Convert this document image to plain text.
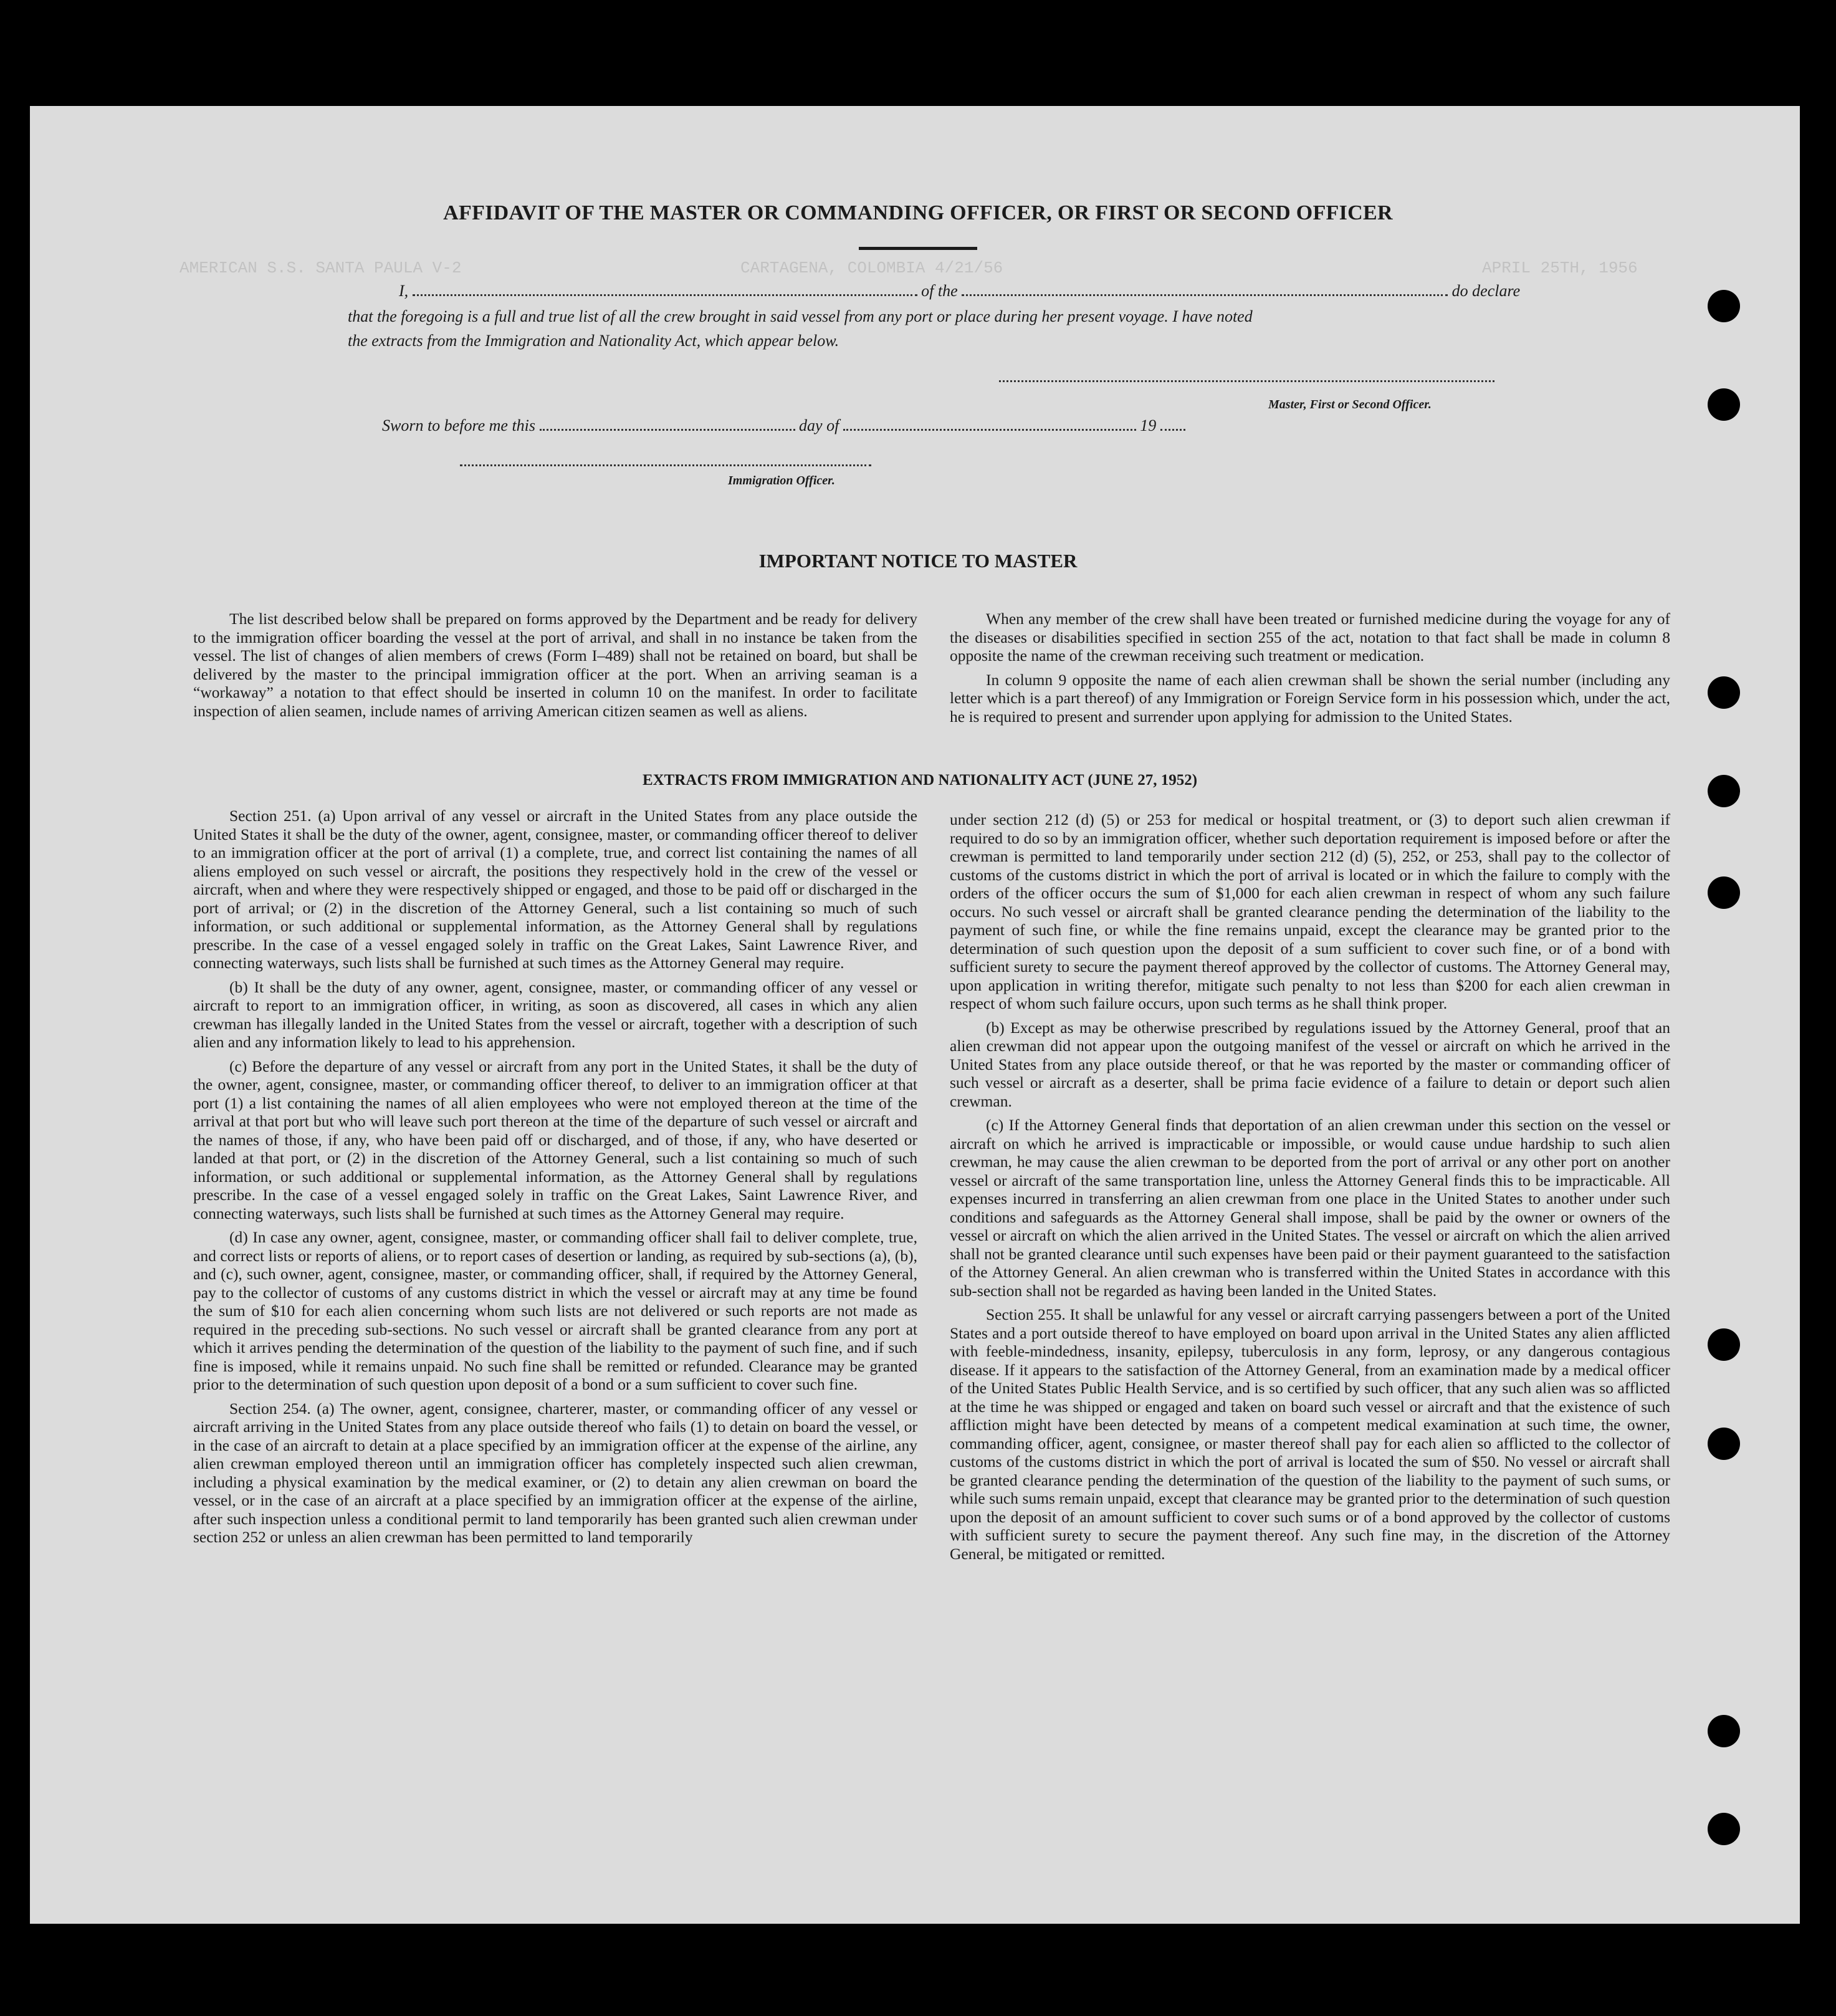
AMERICAN S.S. SANTA PAULA V-2	CARTAGENA, COLOMBIA 4/21/56	APRIL 25TH, 1956
AFFIDAVIT OF THE MASTER OR COMMANDING OFFICER, OR FIRST OR SECOND OFFICER
I,	of the	do declare
that the foregoing is a full and true list of all the crew brought in said vessel from any port or place during her present voyage. I have noted
the extracts from the Immigration and Nationality Act, which appear below.
Master, First or Second Officer.
Sworn to before me this	day of	19
Immigration Officer.
IMPORTANT NOTICE TO MASTER

The list described below shall be prepared on forms approved by the Department and be ready for delivery to the immigration officer boarding the vessel at the port of arrival, and shall in no instance be taken from the vessel. The list of changes of alien members of crews (Form I–489) shall not be retained on board, but shall be delivered by the master to the principal immigration officer at the port. When an arriving seaman is a “workaway” a notation to that effect should be inserted in column 10 on the manifest. In order to facilitate inspection of alien seamen, include names of arriving American citizen seamen as well as aliens.

When any member of the crew shall have been treated or furnished medicine during the voyage for any of the diseases or disabilities specified in section 255 of the act, notation to that fact shall be made in column 8 opposite the name of the crewman receiving such treatment or medication.

In column 9 opposite the name of each alien crewman shall be shown the serial number (including any letter which is a part thereof) of any Immigration or Foreign Service form in his possession which, under the act, he is required to present and surrender upon applying for admission to the United States.

EXTRACTS FROM IMMIGRATION AND NATIONALITY ACT (JUNE 27, 1952)

Section 251. (a) Upon arrival of any vessel or aircraft in the United States from any place outside the United States it shall be the duty of the owner, agent, consignee, master, or commanding officer thereof to deliver to an immigration officer at the port of arrival (1) a complete, true, and correct list containing the names of all aliens employed on such vessel or aircraft, the positions they respectively hold in the crew of the vessel or aircraft, when and where they were respectively shipped or engaged, and those to be paid off or discharged in the port of arrival; or (2) in the discretion of the Attorney General, such a list containing so much of such information, or such additional or supplemental information, as the Attorney General shall by regulations prescribe. In the case of a vessel engaged solely in traffic on the Great Lakes, Saint Lawrence River, and connecting waterways, such lists shall be furnished at such times as the Attorney General may require.

(b) It shall be the duty of any owner, agent, consignee, master, or commanding officer of any vessel or aircraft to report to an immigration officer, in writing, as soon as discovered, all cases in which any alien crewman has illegally landed in the United States from the vessel or aircraft, together with a description of such alien and any information likely to lead to his apprehension.

(c) Before the departure of any vessel or aircraft from any port in the United States, it shall be the duty of the owner, agent, consignee, master, or commanding officer thereof, to deliver to an immigration officer at that port (1) a list containing the names of all alien employees who were not employed thereon at the time of the arrival at that port but who will leave such port thereon at the time of the departure of such vessel or aircraft and the names of those, if any, who have been paid off or discharged, and of those, if any, who have deserted or landed at that port, or (2) in the discretion of the Attorney General, such a list containing so much of such information, or such additional or supplemental information, as the Attorney General shall by regulations prescribe. In the case of a vessel engaged solely in traffic on the Great Lakes, Saint Lawrence River, and connecting waterways, such lists shall be furnished at such times as the Attorney General may require.

(d) In case any owner, agent, consignee, master, or commanding officer shall fail to deliver complete, true, and correct lists or reports of aliens, or to report cases of desertion or landing, as required by sub-sections (a), (b), and (c), such owner, agent, consignee, master, or commanding officer, shall, if required by the Attorney General, pay to the collector of customs of any customs district in which the vessel or aircraft may at any time be found the sum of $10 for each alien concerning whom such lists are not delivered or such reports are not made as required in the preceding sub-sections. No such vessel or aircraft shall be granted clearance from any port at which it arrives pending the determination of the question of the liability to the payment of such fine, and if such fine is imposed, while it remains unpaid. No such fine shall be remitted or refunded. Clearance may be granted prior to the determination of such question upon deposit of a bond or a sum sufficient to cover such fine.

Section 254. (a) The owner, agent, consignee, charterer, master, or commanding officer of any vessel or aircraft arriving in the United States from any place outside thereof who fails (1) to detain on board the vessel, or in the case of an aircraft to detain at a place specified by an immigration officer at the expense of the airline, any alien crewman employed thereon until an immigration officer has completely inspected such alien crewman, including a physical examination by the medical examiner, or (2) to detain any alien crewman on board the vessel, or in the case of an aircraft at a place specified by an immigration officer at the expense of the airline, after such inspection unless a conditional permit to land temporarily has been granted such alien crewman under section 252 or unless an alien crewman has been permitted to land temporarily

under section 212 (d) (5) or 253 for medical or hospital treatment, or (3) to deport such alien crewman if required to do so by an immigration officer, whether such deportation requirement is imposed before or after the crewman is permitted to land temporarily under section 212 (d) (5), 252, or 253, shall pay to the collector of customs of the customs district in which the port of arrival is located or in which the failure to comply with the orders of the officer occurs the sum of $1,000 for each alien crewman in respect of whom any such failure occurs. No such vessel or aircraft shall be granted clearance pending the determination of the liability to the payment of such fine, or while the fine remains unpaid, except the clearance may be granted prior to the determination of such question upon the deposit of a sum sufficient to cover such fine, or of a bond with sufficient surety to secure the payment thereof approved by the collector of customs. The Attorney General may, upon application in writing therefor, mitigate such penalty to not less than $200 for each alien crewman in respect of whom such failure occurs, upon such terms as he shall think proper.

(b) Except as may be otherwise prescribed by regulations issued by the Attorney General, proof that an alien crewman did not appear upon the outgoing manifest of the vessel or aircraft on which he arrived in the United States from any place outside thereof, or that he was reported by the master or commanding officer of such vessel or aircraft as a deserter, shall be prima facie evidence of a failure to detain or deport such alien crewman.

(c) If the Attorney General finds that deportation of an alien crewman under this section on the vessel or aircraft on which he arrived is impracticable or impossible, or would cause undue hardship to such alien crewman, he may cause the alien crewman to be deported from the port of arrival or any other port on another vessel or aircraft of the same transportation line, unless the Attorney General finds this to be impracticable. All expenses incurred in transferring an alien crewman from one place in the United States to another under such conditions and safeguards as the Attorney General shall impose, shall be paid by the owner or owners of the vessel or aircraft on which the alien arrived in the United States. The vessel or aircraft on which the alien arrived shall not be granted clearance until such expenses have been paid or their payment guaranteed to the satisfaction of the Attorney General. An alien crewman who is transferred within the United States in accordance with this sub-section shall not be regarded as having been landed in the United States.

Section 255. It shall be unlawful for any vessel or aircraft carrying passengers between a port of the United States and a port outside thereof to have employed on board upon arrival in the United States any alien afflicted with feeble-mindedness, insanity, epilepsy, tuberculosis in any form, leprosy, or any dangerous contagious disease. If it appears to the satisfaction of the Attorney General, from an examination made by a medical officer of the United States Public Health Service, and is so certified by such officer, that any such alien was so afflicted at the time he was shipped or engaged and taken on board such vessel or aircraft and that the existence of such affliction might have been detected by means of a competent medical examination at such time, the owner, commanding officer, agent, consignee, or master thereof shall pay for each alien so afflicted to the collector of customs of the customs district in which the port of arrival is located the sum of $50. No vessel or aircraft shall be granted clearance pending the determination of the question of the liability to the payment of such sums, or while such sums remain unpaid, except that clearance may be granted prior to the determination of such question upon the deposit of an amount sufficient to cover such sums or of a bond approved by the collector of customs with sufficient surety to secure the payment thereof. Any such fine may, in the discretion of the Attorney General, be mitigated or remitted.
